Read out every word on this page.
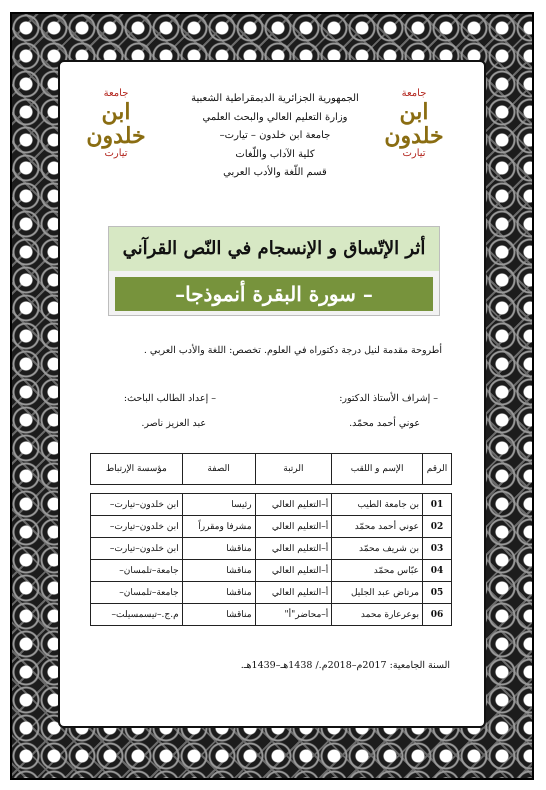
جامعة
ابن خلدون
تيارت
جامعة
ابن خلدون
تيارت
الجمهورية الجزائرية الديمقراطية الشعبية
وزارة التعليم العالي والبحث العلمي
جامعة ابن خلدون – تيارت–
كلية الآداب واللّغات
قسم اللّغة والأدب العربي
أثر الإتّساق و الإنسجام في النّص القرآني
– سورة البقرة أنموذجا–
أطروحة مقدمة لنيل درجة دكتوراه في العلوم. تخصص: اللغة والأدب العربي .
– إشراف الأستاذ الدكتور:
عوني أحمد محمّد.
– إعداد الطالب الباحث:
عبد العزيز ناصر.
الرقم	الإسم و اللقب	الرتبة	الصفة	مؤسسة الإرتباط

01	بن جامعة الطيب	أ–التعليم العالي	رئيسا	ابن خلدون–تيارت–
02	عوني أحمد محمّد	أ–التعليم العالي	مشرفا ومقرراً	ابن خلدون–تيارت–
03	بن شريف محمّد	أ–التعليم العالي	مناقشا	ابن خلدون–تيارت–
04	عبّاس محمّد	أ–التعليم العالي	مناقشا	جامعة–تلمسان–
05	مرتاض عبد الجليل	أ–التعليم العالي	مناقشا	جامعة–تلمسان–
06	بوعرعارة محمد	أ–محاضر"أ"	مناقشا	م.ج.–تيسمسيلت–
السنة الجامعية: 2017م–2018م./ 1438هـ–1439هـ.
